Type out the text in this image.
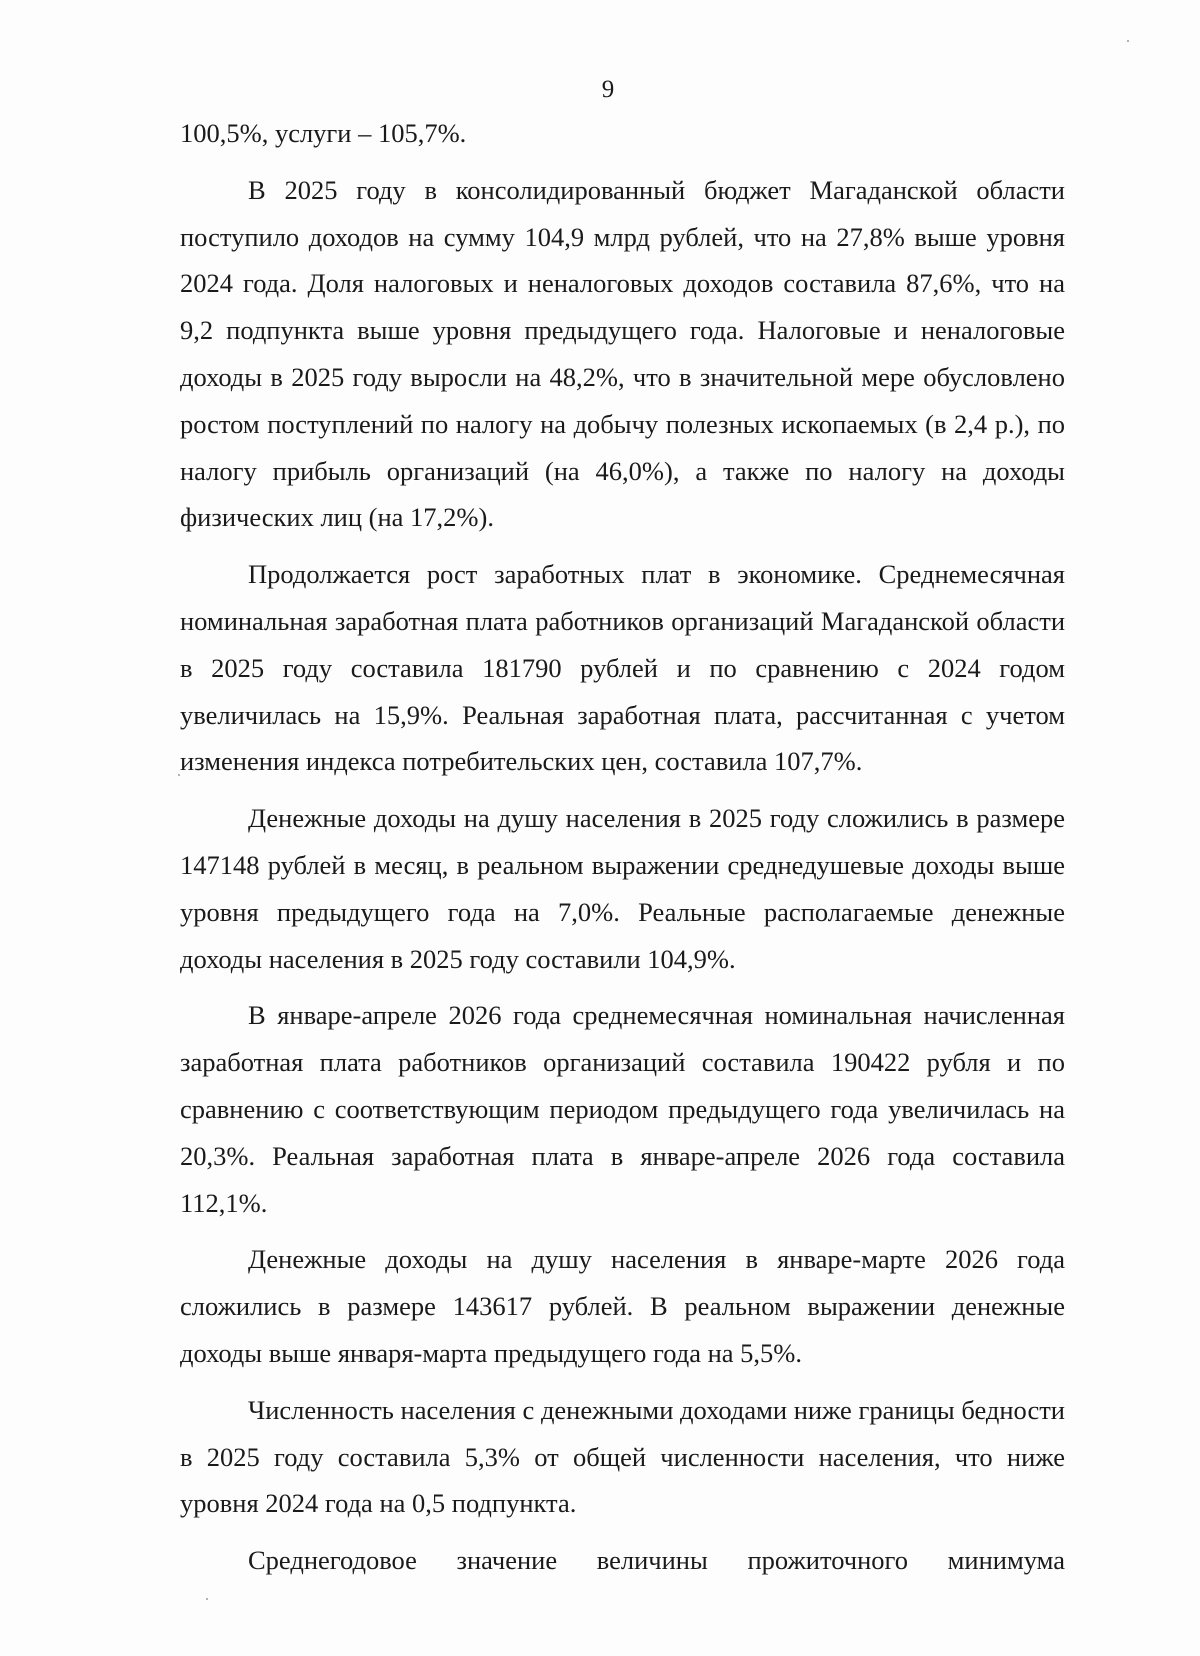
9

100,5%, услуги – 105,7%.

В 2025 году в консолидированный бюджет Магаданской области поступило доходов на сумму 104,9 млрд рублей, что на 27,8% выше уровня 2024 года. Доля налоговых и неналоговых доходов составила 87,6%, что на 9,2 подпункта выше уровня предыдущего года. Налоговые и неналоговые доходы в 2025 году выросли на 48,2%, что в значительной мере обусловлено ростом поступлений по налогу на добычу полезных ископаемых (в 2,4 р.), по налогу прибыль организаций (на 46,0%), а также по налогу на доходы физических лиц (на 17,2%).

Продолжается рост заработных плат в экономике. Среднемесячная номинальная заработная плата работников организаций Магаданской области в 2025 году составила 181790 рублей и по сравнению с 2024 годом увеличилась на 15,9%. Реальная заработная плата, рассчитанная с учетом изменения индекса потребительских цен, составила 107,7%.

Денежные доходы на душу населения в 2025 году сложились в размере 147148 рублей в месяц, в реальном выражении среднедушевые доходы выше уровня предыдущего года на 7,0%. Реальные располагаемые денежные доходы населения в 2025 году составили 104,9%.

В январе-апреле 2026 года среднемесячная номинальная начисленная заработная плата работников организаций составила 190422 рубля и по сравнению с соответствующим периодом предыдущего года увеличилась на 20,3%. Реальная заработная плата в январе-апреле 2026 года составила 112,1%.

Денежные доходы на душу населения в январе-марте 2026 года сложились в размере 143617 рублей. В реальном выражении денежные доходы выше января-марта предыдущего года на 5,5%.

Численность населения с денежными доходами ниже границы бедности в 2025 году составила 5,3% от общей численности населения, что ниже уровня 2024 года на 0,5 подпункта.

Среднегодовое значение величины прожиточного минимума
